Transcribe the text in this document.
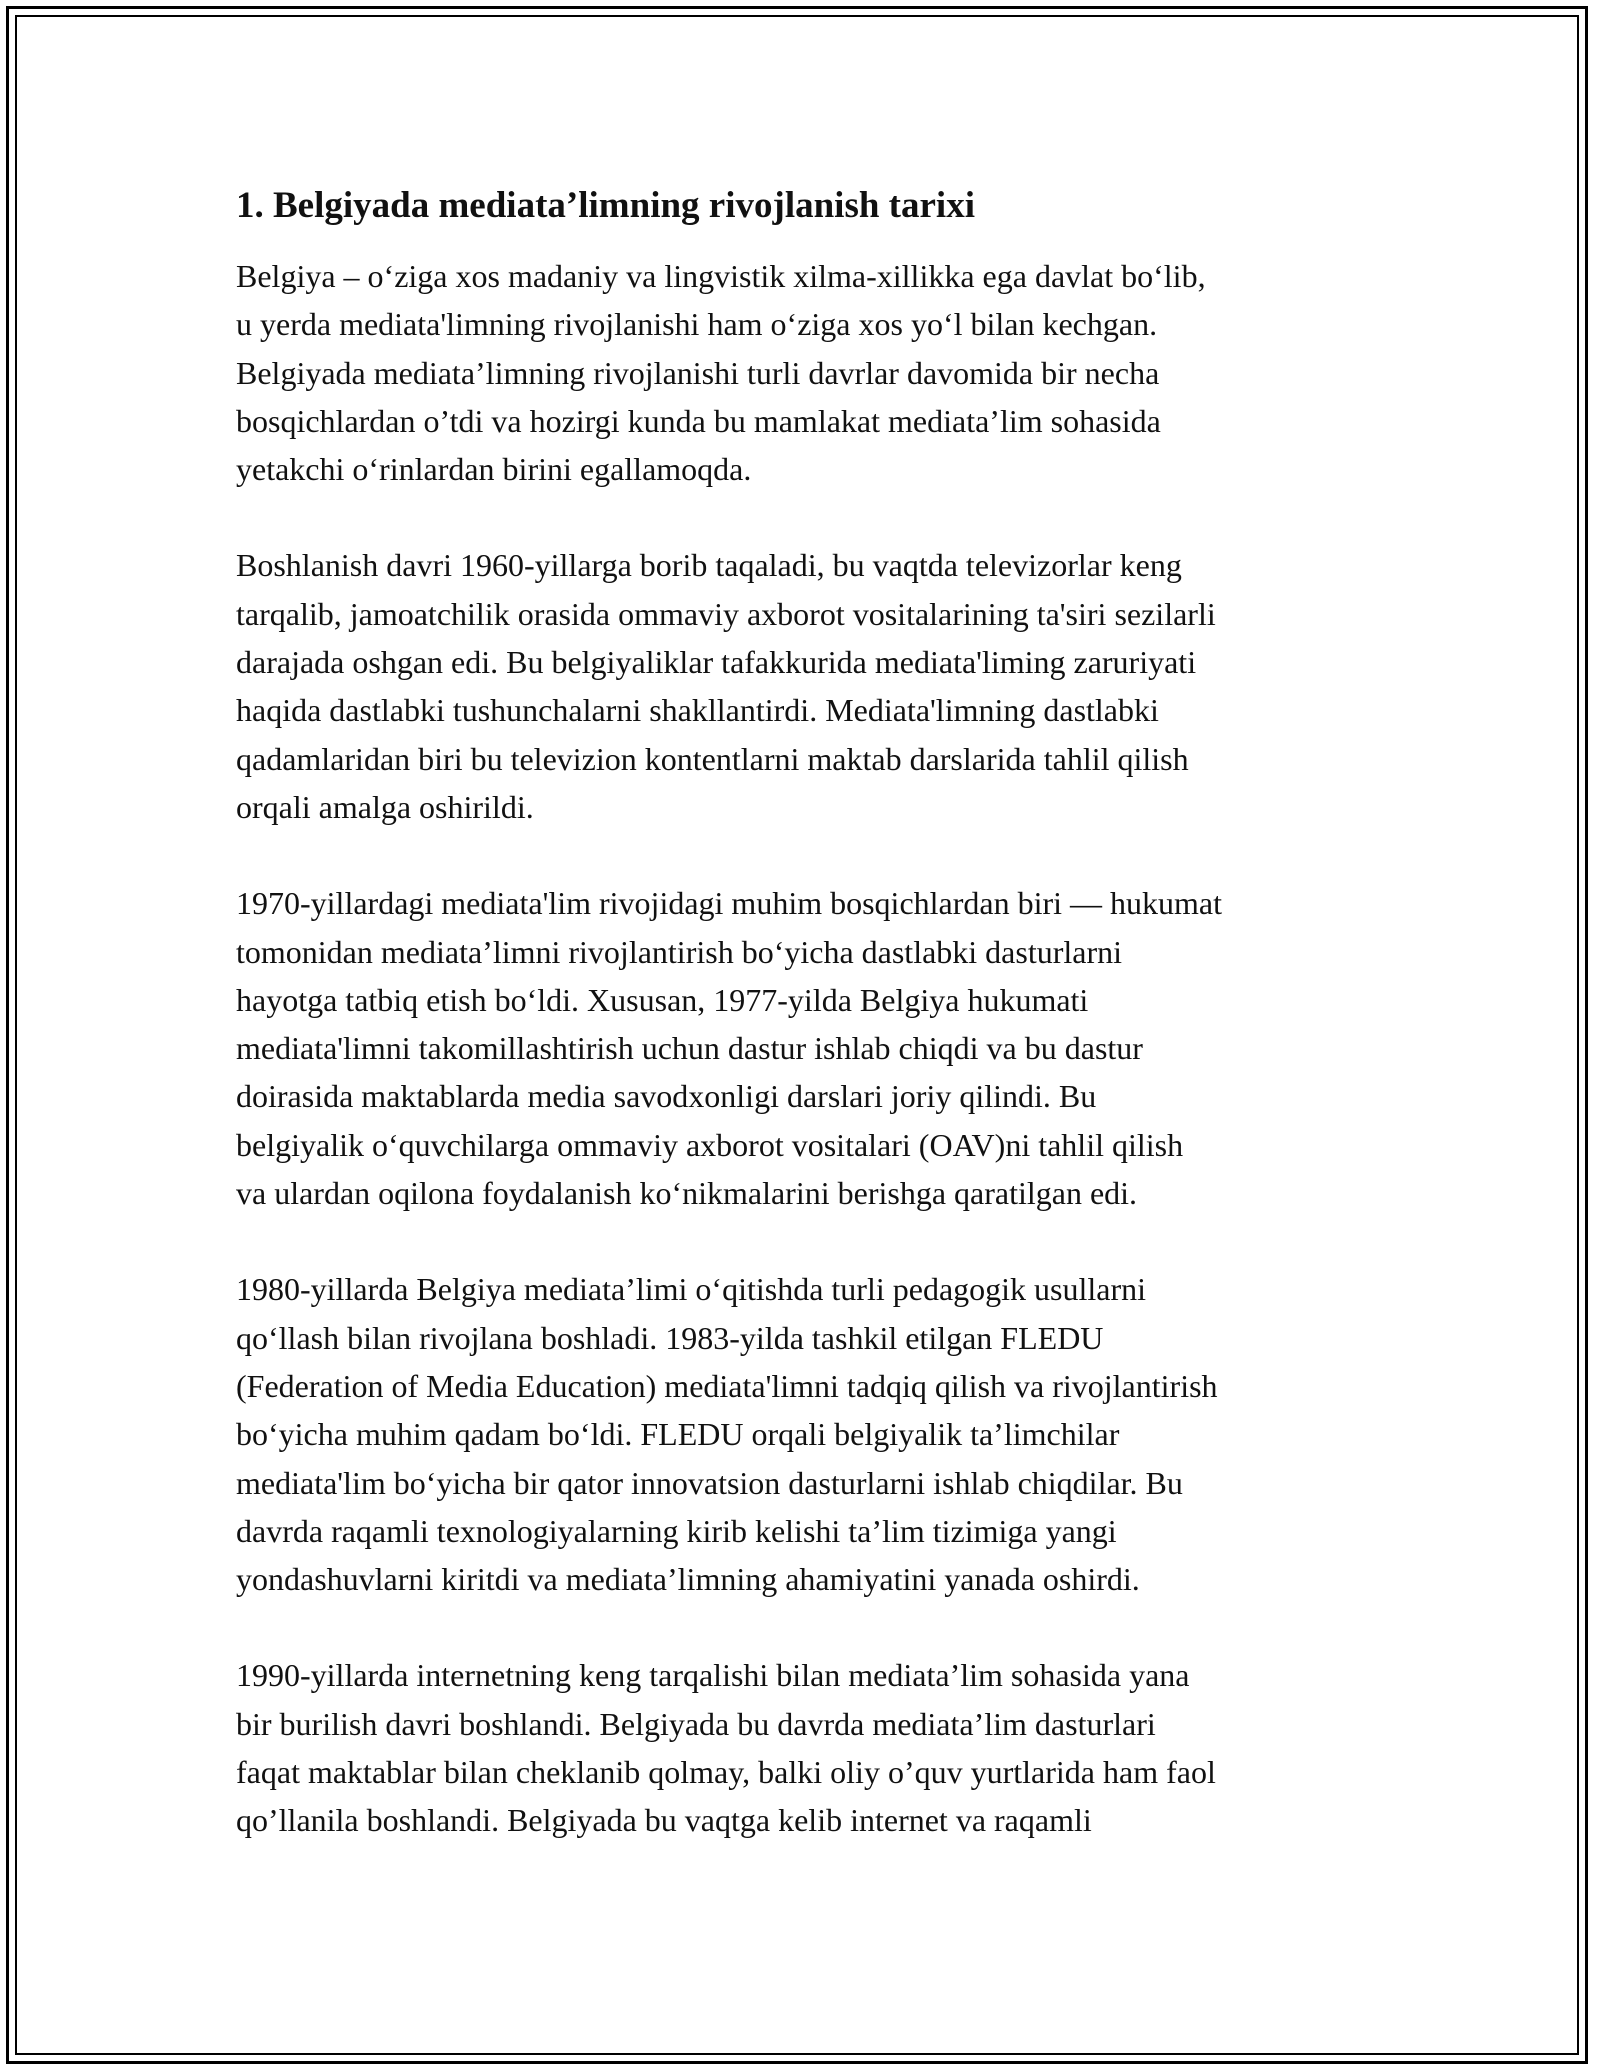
1. Belgiyada mediata’limning rivojlanish tarixi

Belgiya – o‘ziga xos madaniy va lingvistik xilma-xillikka ega davlat bo‘lib,
u yerda mediata'limning rivojlanishi ham o‘ziga xos yo‘l bilan kechgan.
Belgiyada mediata’limning rivojlanishi turli davrlar davomida bir necha
bosqichlardan o’tdi va hozirgi kunda bu mamlakat mediata’lim sohasida
yetakchi o‘rinlardan birini egallamoqda.

Boshlanish davri 1960-yillarga borib taqaladi, bu vaqtda televizorlar keng
tarqalib, jamoatchilik orasida ommaviy axborot vositalarining ta'siri sezilarli
darajada oshgan edi. Bu belgiyaliklar tafakkurida mediata'liming zaruriyati
haqida dastlabki tushunchalarni shakllantirdi. Mediata'limning dastlabki
qadamlaridan biri bu televizion kontentlarni maktab darslarida tahlil qilish
orqali amalga oshirildi.

1970-yillardagi mediata'lim rivojidagi muhim bosqichlardan biri — hukumat
tomonidan mediata’limni rivojlantirish bo‘yicha dastlabki dasturlarni
hayotga tatbiq etish bo‘ldi. Xususan, 1977-yilda Belgiya hukumati
mediata'limni takomillashtirish uchun dastur ishlab chiqdi va bu dastur
doirasida maktablarda media savodxonligi darslari joriy qilindi. Bu
belgiyalik o‘quvchilarga ommaviy axborot vositalari (OAV)ni tahlil qilish
va ulardan oqilona foydalanish ko‘nikmalarini berishga qaratilgan edi.

1980-yillarda Belgiya mediata’limi o‘qitishda turli pedagogik usullarni
qo‘llash bilan rivojlana boshladi. 1983-yilda tashkil etilgan FLEDU
(Federation of Media Education) mediata'limni tadqiq qilish va rivojlantirish
bo‘yicha muhim qadam bo‘ldi. FLEDU orqali belgiyalik ta’limchilar
mediata'lim bo‘yicha bir qator innovatsion dasturlarni ishlab chiqdilar. Bu
davrda raqamli texnologiyalarning kirib kelishi ta’lim tizimiga yangi
yondashuvlarni kiritdi va mediata’limning ahamiyatini yanada oshirdi.

1990-yillarda internetning keng tarqalishi bilan mediata’lim sohasida yana
bir burilish davri boshlandi. Belgiyada bu davrda mediata’lim dasturlari
faqat maktablar bilan cheklanib qolmay, balki oliy o’quv yurtlarida ham faol
qo’llanila boshlandi. Belgiyada bu vaqtga kelib internet va raqamli
